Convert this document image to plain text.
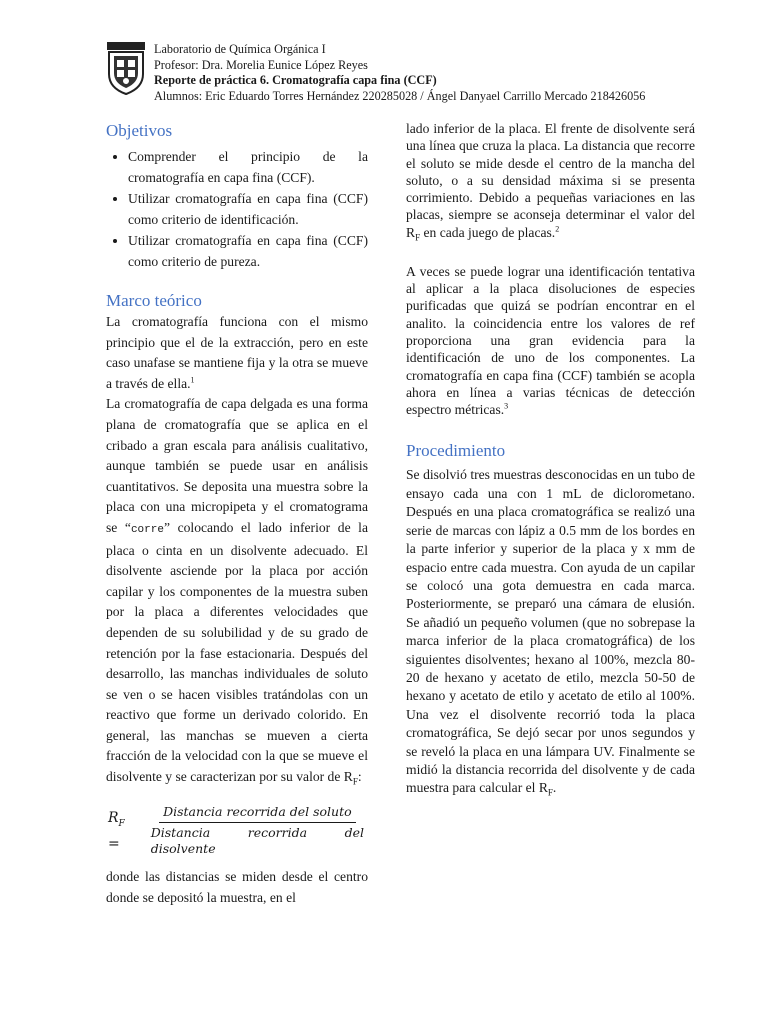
Laboratorio de Química Orgánica I
Profesor: Dra. Morelia Eunice López Reyes
Reporte de práctica 6. Cromatografía capa fina (CCF)
Alumnos: Eric Eduardo Torres Hernández 220285028 / Ángel Danyael Carrillo Mercado 218426056
Objetivos
• Comprender el principio de la cromatografía en capa fina (CCF).
• Utilizar cromatografía en capa fina (CCF) como criterio de identificación.
• Utilizar cromatografía en capa fina (CCF) como criterio de pureza.
Marco teórico

La cromatografía funciona con el mismo principio que el de la extracción, pero en este caso unafase se mantiene fija y la otra se mueve a través de ella.$^1$

La cromatografía de capa delgada es una forma plana de cromatografía que se aplica en el cribado a gran escala para análisis cualitativo, aunque también se puede usar en análisis cuantitativos. Se deposita una muestra sobre la placa con una micropipeta y el cromatograma se “corre” colocando el lado inferior de la placa o cinta en un disolvente adecuado. El disolvente asciende por la placa por acción capilar y los componentes de la muestra suben por la placa a diferentes velocidades que dependen de su solubilidad y de su grado de retención por la fase estacionaria. Después del desarrollo, las manchas individuales de soluto se ven o se hacen visibles tratándolas con un reactivo que forme un derivado colorido. En general, las manchas se mueven a cierta fracción de la velocidad con la que se mueve el disolvente y se caracterizan por su valor de $R_F$:

$R_F$ =	$\frac{\text{Distancia recorrida del soluto}}{\text{Distancia recorrida del disolvente}}$

donde las distancias se miden desde el centro donde se depositó la muestra, en el

lado inferior de la placa. El frente de disolvente será una línea que cruza la placa. La distancia que recorre el soluto se mide desde el centro de la mancha del soluto, o a su densidad máxima si se presenta corrimiento. Debido a pequeñas variaciones en las placas, siempre se aconseja determinar el valor del $R_F$ en cada juego de placas.$^2$

A veces se puede lograr una identificación tentativa al aplicar a la placa disoluciones de especies purificadas que quizá se podrían encontrar en el analito. la coincidencia entre los valores de ref proporciona una gran evidencia para la identificación de uno de los componentes. La cromatografía en capa fina (CCF) también se acopla ahora en línea a varias técnicas de detección espectro métricas.$^3$

Procedimiento

Se disolvió tres muestras desconocidas en un tubo de ensayo cada una con 1 mL de diclorometano. Después en una placa cromatográfica se realizó una serie de marcas con lápiz a 0.5 mm de los bordes en la parte inferior y superior de la placa y x mm de espacio entre cada muestra. Con ayuda de un capilar se colocó una gota demuestra en cada marca. Posteriormente, se preparó una cámara de elusión. Se añadió un pequeño volumen (que no sobrepase la marca inferior de la placa cromatográfica) de los siguientes disolventes; hexano al 100%, mezcla 80-20 de hexano y acetato de etilo, mezcla 50-50 de hexano y acetato de etilo y acetato de etilo al 100%. Una vez el disolvente recorrió toda la placa cromatográfica, Se dejó secar por unos segundos y se reveló la placa en una lámpara UV. Finalmente se midió la distancia recorrida del disolvente y de cada muestra para calcular el $R_F$.
